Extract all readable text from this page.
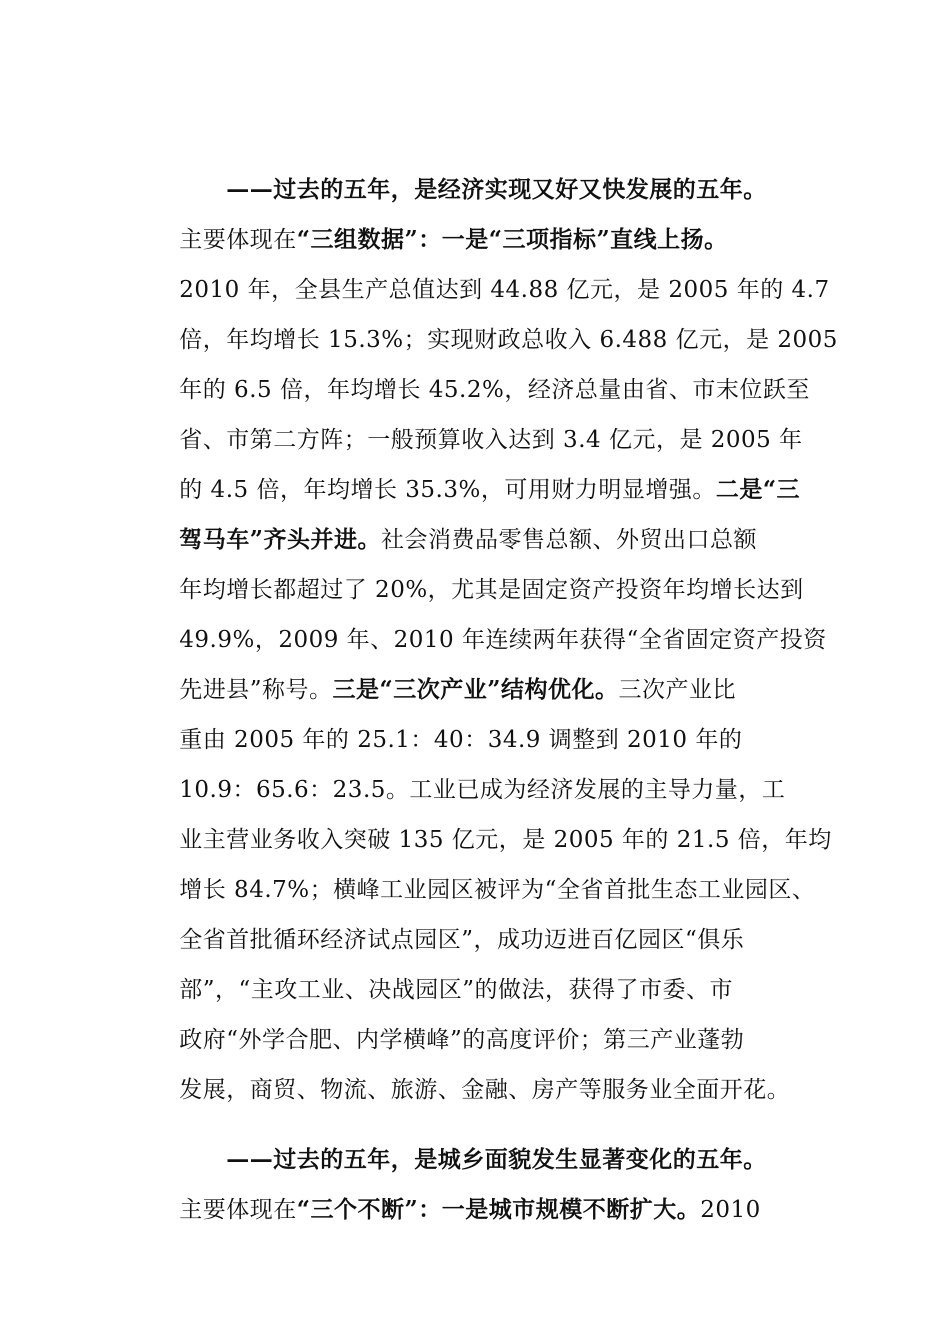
——过去的五年，是经济实现又好又快发展的五年。

主要体现在“三组数据”：一是“三项指标”直线上扬。

2010 年，全县生产总值达到 44.88 亿元，是 2005 年的 4.7

倍，年均增长 15.3%；实现财政总收入 6.488 亿元，是 2005

年的 6.5 倍，年均增长 45.2%，经济总量由省、市末位跃至

省、市第二方阵；一般预算收入达到 3.4 亿元，是 2005 年

的 4.5 倍，年均增长 35.3%，可用财力明显增强。二是“三

驾马车”齐头并进。社会消费品零售总额、外贸出口总额

年均增长都超过了 20%，尤其是固定资产投资年均增长达到

49.9%，2009 年、2010 年连续两年获得“全省固定资产投资

先进县”称号。三是“三次产业”结构优化。三次产业比

重由 2005 年的 25.1：40：34.9 调整到 2010 年的

10.9：65.6：23.5。工业已成为经济发展的主导力量，工

业主营业务收入突破 135 亿元，是 2005 年的 21.5 倍，年均

增长 84.7%；横峰工业园区被评为“全省首批生态工业园区、

全省首批循环经济试点园区”，成功迈进百亿园区“俱乐

部”，“主攻工业、决战园区”的做法，获得了市委、市

政府“外学合肥、内学横峰”的高度评价；第三产业蓬勃

发展，商贸、物流、旅游、金融、房产等服务业全面开花。

——过去的五年，是城乡面貌发生显著变化的五年。

主要体现在“三个不断”：一是城市规模不断扩大。2010
